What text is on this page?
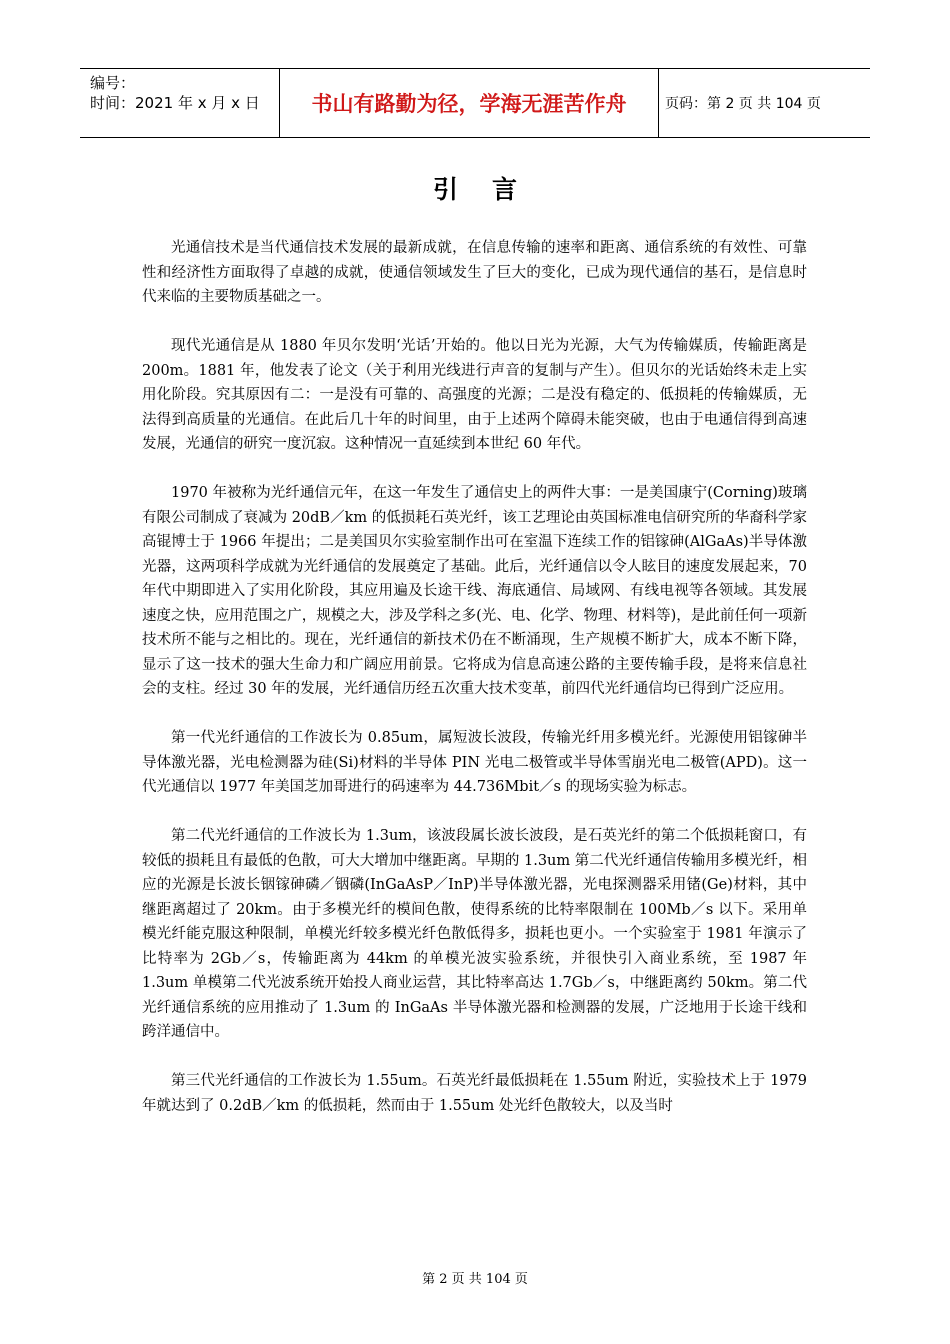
编号：
时间：2021 年 x 月 x 日	书山有路勤为径，学海无涯苦作舟	页码：第 2 页 共 104 页
引言

光通信技术是当代通信技术发展的最新成就，在信息传输的速率和距离、通信系统的有效性、可靠性和经济性方面取得了卓越的成就，使通信领域发生了巨大的变化，已成为现代通信的基石，是信息时代来临的主要物质基础之一。

现代光通信是从 1880 年贝尔发明‘光话’开始的。他以日光为光源，大气为传输媒质，传输距离是 200m。1881 年，他发表了论文（关于利用光线进行声音的复制与产生）。但贝尔的光话始终未走上实用化阶段。究其原因有二：一是没有可靠的、高强度的光源；二是没有稳定的、低损耗的传输媒质，无法得到高质量的光通信。在此后几十年的时间里，由于上述两个障碍未能突破，也由于电通信得到高速发展，光通信的研究一度沉寂。这种情况一直延续到本世纪 60 年代。

1970 年被称为光纤通信元年，在这一年发生了通信史上的两件大事：一是美国康宁(Corning)玻璃有限公司制成了衰减为 20dB／km 的低损耗石英光纤，该工艺理论由英国标准电信研究所的华裔科学家高锟博士于 1966 年提出；二是美国贝尔实验室制作出可在室温下连续工作的铝镓砷(AlGaAs)半导体激光器，这两项科学成就为光纤通信的发展奠定了基础。此后，光纤通信以令人眩目的速度发展起来，70 年代中期即进入了实用化阶段，其应用遍及长途干线、海底通信、局域网、有线电视等各领域。其发展速度之快，应用范围之广，规模之大，涉及学科之多(光、电、化学、物理、材料等)，是此前任何一项新技术所不能与之相比的。现在，光纤通信的新技术仍在不断涌现，生产规模不断扩大，成本不断下降，显示了这一技术的强大生命力和广阔应用前景。它将成为信息高速公路的主要传输手段，是将来信息社会的支柱。经过 30 年的发展，光纤通信历经五次重大技术变革，前四代光纤通信均已得到广泛应用。

第一代光纤通信的工作波长为 0.85um，属短波长波段，传输光纤用多模光纤。光源使用铝镓砷半导体激光器，光电检测器为硅(Si)材料的半导体 PIN 光电二极管或半导体雪崩光电二极管(APD)。这一代光通信以 1977 年美国芝加哥进行的码速率为 44.736Mbit／s 的现场实验为标志。

第二代光纤通信的工作波长为 1.3um，该波段属长波长波段，是石英光纤的第二个低损耗窗口，有较低的损耗且有最低的色散，可大大增加中继距离。早期的 1.3um 第二代光纤通信传输用多模光纤，相应的光源是长波长铟镓砷磷／铟磷(InGaAsP／InP)半导体激光器，光电探测器采用锗(Ge)材料，其中继距离超过了 20km。由于多模光纤的模间色散，使得系统的比特率限制在 100Mb／s 以下。采用单模光纤能克服这种限制，单模光纤较多模光纤色散低得多，损耗也更小。一个实验室于 1981 年演示了比特率为 2Gb／s，传输距离为 44km 的单模光波实验系统，并很快引入商业系统，至 1987 年 1.3um 单模第二代光波系统开始投人商业运营，其比特率高达 1.7Gb／s，中继距离约 50km。第二代光纤通信系统的应用推动了 1.3um 的 InGaAs 半导体激光器和检测器的发展，广泛地用于长途干线和跨洋通信中。

第三代光纤通信的工作波长为 1.55um。石英光纤最低损耗在 1.55um 附近，实验技术上于 1979 年就达到了 0.2dB／km 的低损耗，然而由于 1.55um 处光纤色散较大，以及当时

第 2 页 共 104 页
